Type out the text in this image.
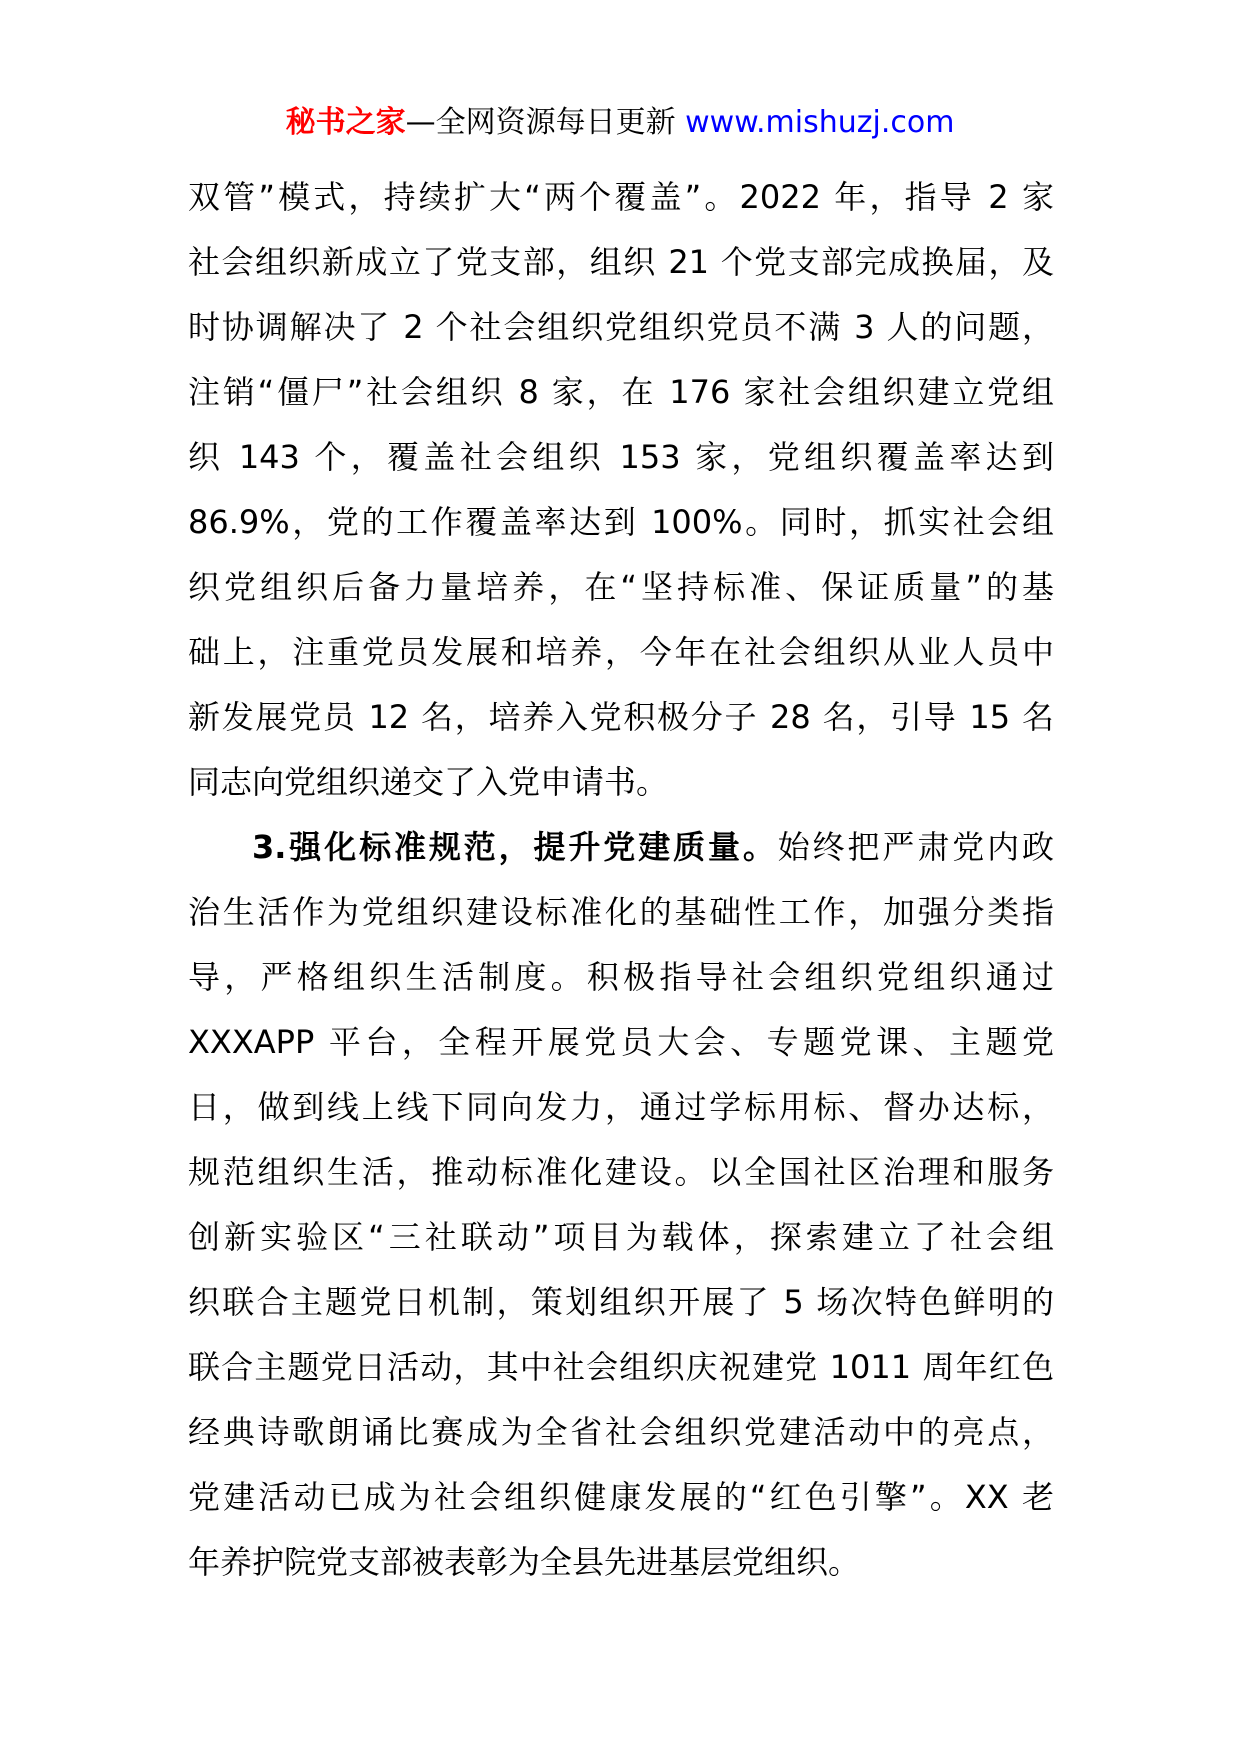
秘书之家—全网资源每日更新 www.mishuzj.com
双管”模式，持续扩大“两个覆盖”。2022 年，指导 2 家
社会组织新成立了党支部，组织 21 个党支部完成换届，及
时协调解决了 2 个社会组织党组织党员不满 3 人的问题，
注销“僵尸”社会组织 8 家，在 176 家社会组织建立党组
织 143 个，覆盖社会组织 153 家，党组织覆盖率达到
86.9%，党的工作覆盖率达到 100%。同时，抓实社会组
织党组织后备力量培养，在“坚持标准、保证质量”的基
础上，注重党员发展和培养，今年在社会组织从业人员中
新发展党员 12 名，培养入党积极分子 28 名，引导 15 名
同志向党组织递交了入党申请书。
3.强化标准规范，提升党建质量。始终把严肃党内政
治生活作为党组织建设标准化的基础性工作，加强分类指
导，严格组织生活制度。积极指导社会组织党组织通过
XXXAPP 平台，全程开展党员大会、专题党课、主题党
日，做到线上线下同向发力，通过学标用标、督办达标，
规范组织生活，推动标准化建设。以全国社区治理和服务
创新实验区“三社联动”项目为载体，探索建立了社会组
织联合主题党日机制，策划组织开展了 5 场次特色鲜明的
联合主题党日活动，其中社会组织庆祝建党 1011 周年红色
经典诗歌朗诵比赛成为全省社会组织党建活动中的亮点，
党建活动已成为社会组织健康发展的“红色引擎”。XX 老
年养护院党支部被表彰为全县先进基层党组织。
